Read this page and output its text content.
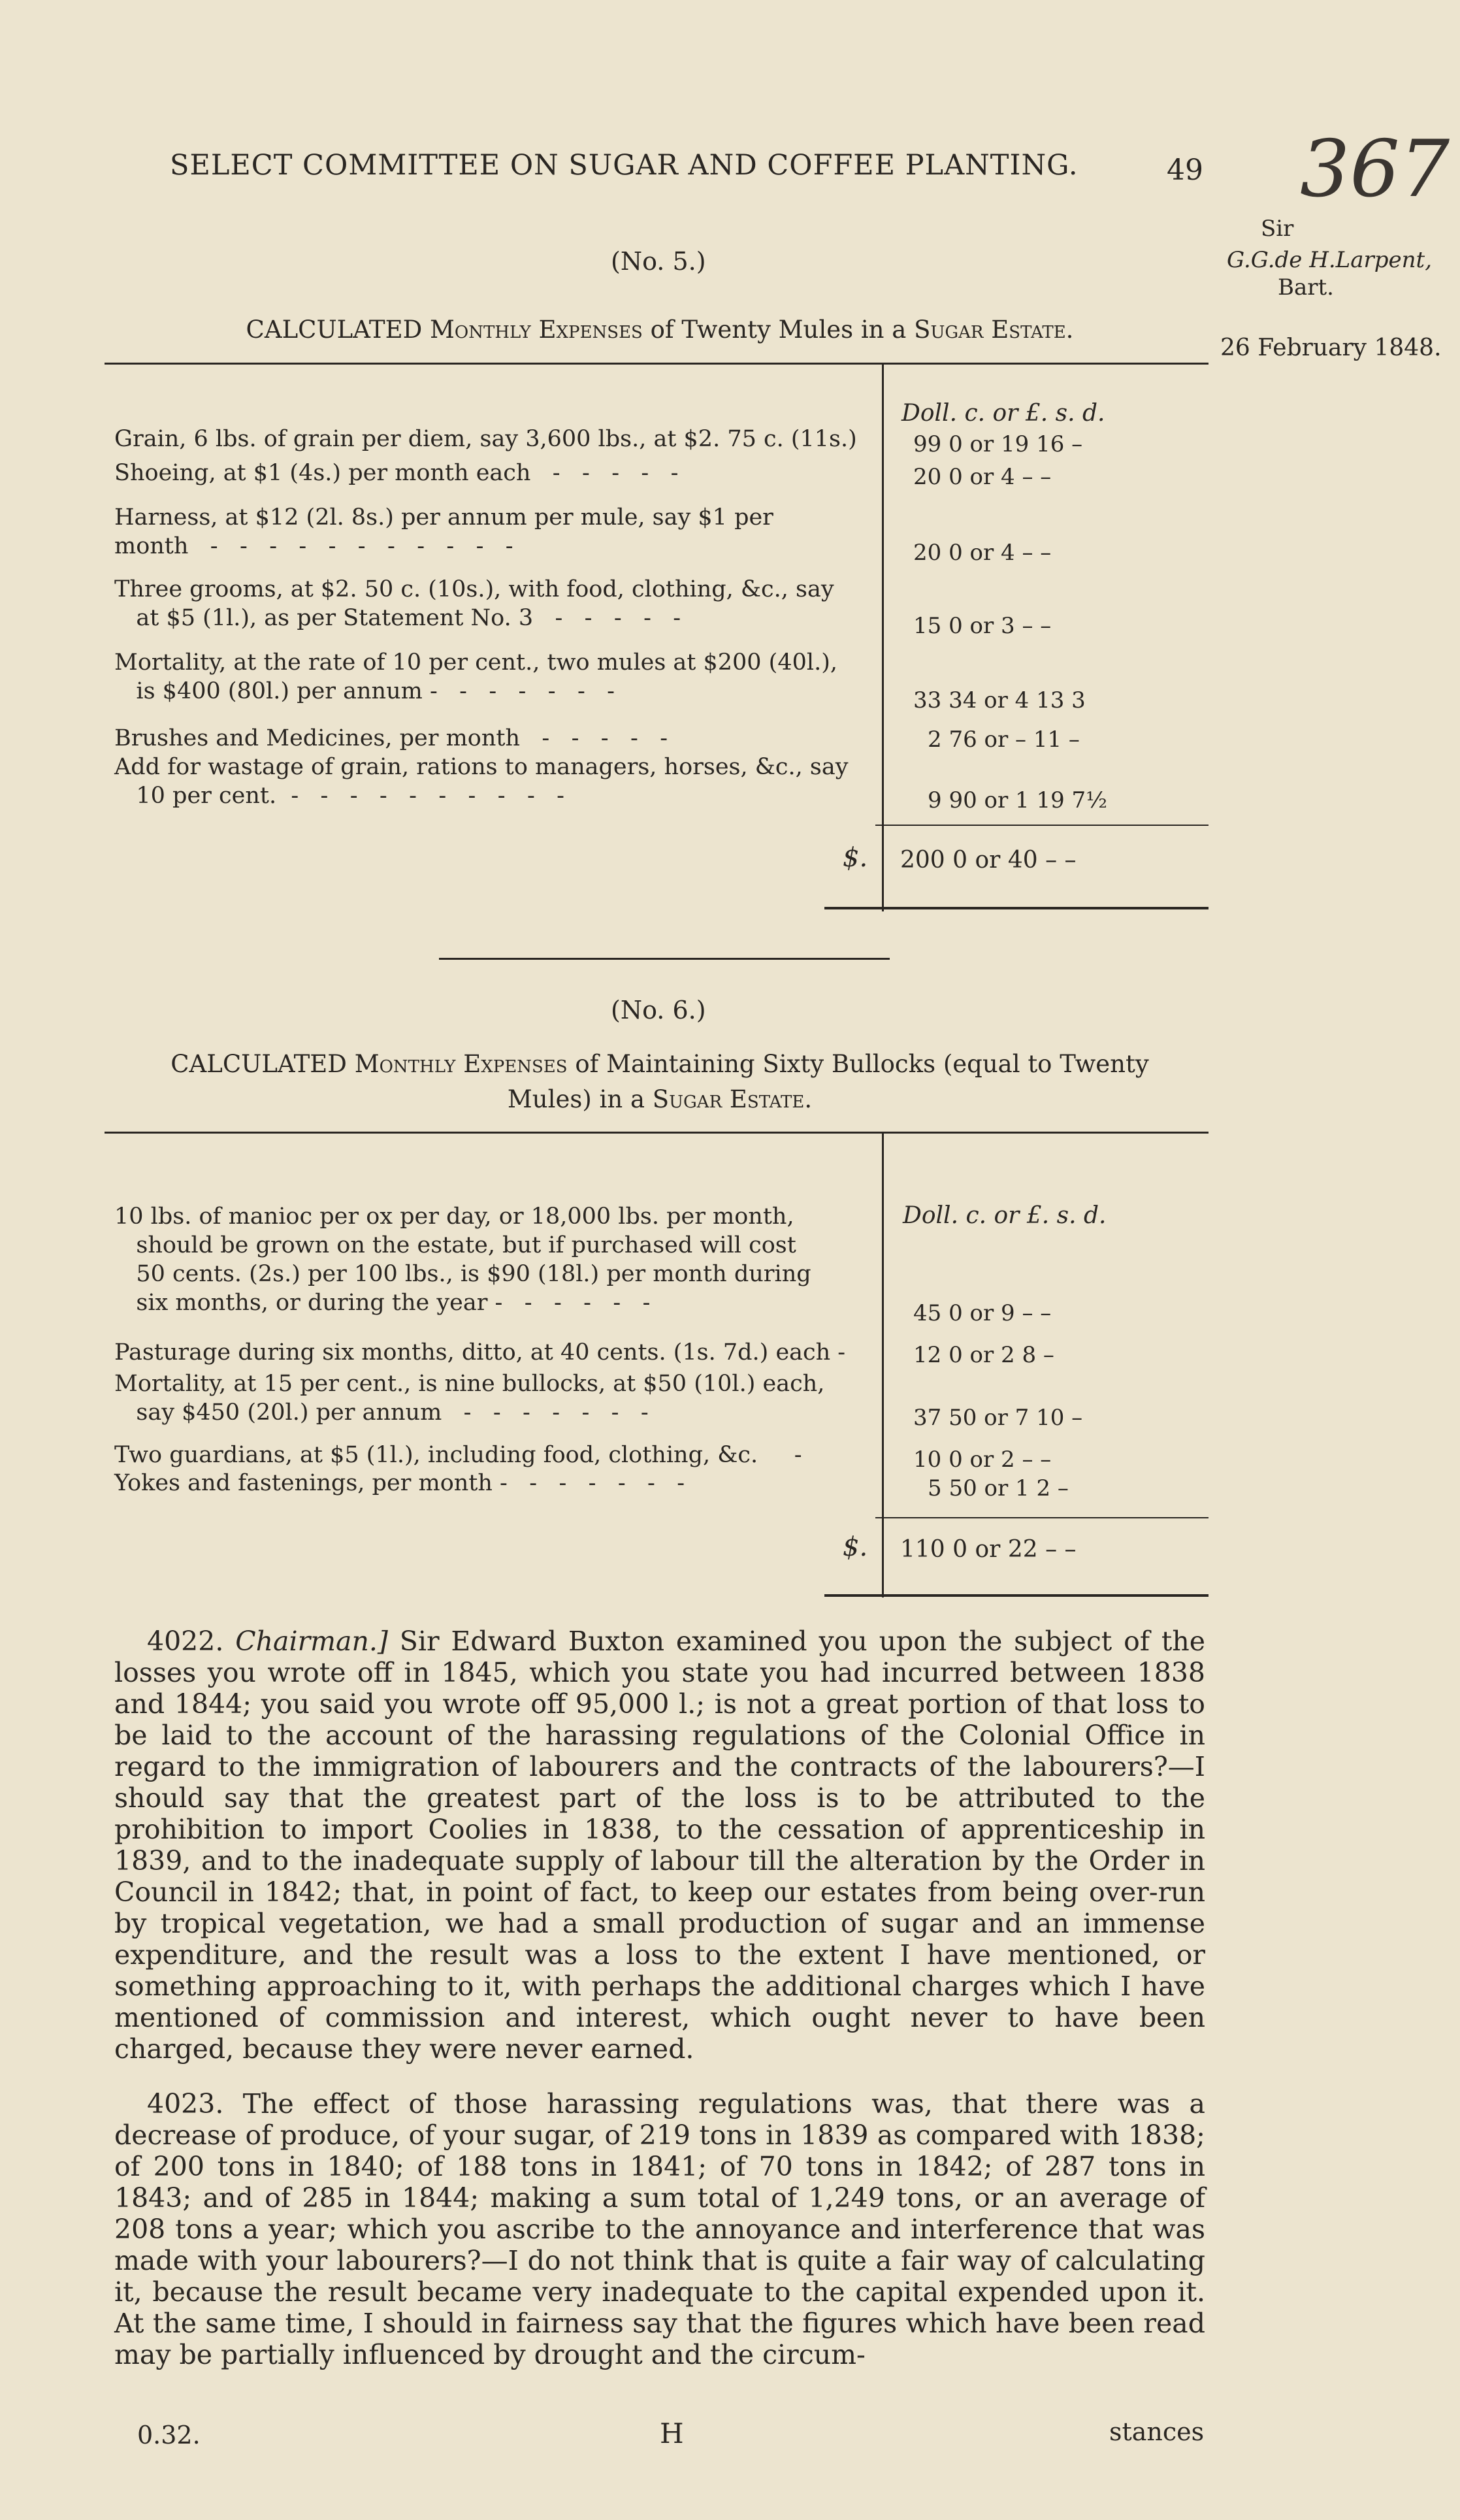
SELECT COMMITTEE ON SUGAR AND COFFEE PLANTING.	49 367
Sir
G.G.de H.Larpent,
Bart.
26 February 1848.
(No. 5.)
CALCULATED Monthly Expenses of Twenty Mules in a Sugar Estate.
Doll. c. or £. s. d.
Grain, 6 lbs. of grain per diem, say 3,600 lbs., at $2. 75 c. (11s.)	99 0 or 19 16 –
Shoeing, at $1 (4s.) per month each   -   -   -   -   -	20 0 or 4 – –
Harness, at $12 (2l. 8s.) per annum per mule, say $1 per
month   -   -   -   -   -   -   -   -   -   -   -	20 0 or 4 – –
Three grooms, at $2. 50 c. (10s.), with food, clothing, &c., say
at $5 (1l.), as per Statement No. 3   -   -   -   -   -	15 0 or 3 – –
Mortality, at the rate of 10 per cent., two mules at $200 (40l.),
is $400 (80l.) per annum -   -   -   -   -   -   -	33 34 or 4 13 3
Brushes and Medicines, per month   -   -   -   -   -	2 76 or – 11 –
Add for wastage of grain, rations to managers, horses, &c., say
10 per cent.  -   -   -   -   -   -   -   -   -   -	9 90 or 1 19 7½
$. 200 0 or 40 – –
(No. 6.)
CALCULATED Monthly Expenses of Maintaining Sixty Bullocks (equal to Twenty
Mules) in a Sugar Estate.
Doll. c. or £. s. d.
10 lbs. of manioc per ox per day, or 18,000 lbs. per month,
should be grown on the estate, but if purchased will cost
50 cents. (2s.) per 100 lbs., is $90 (18l.) per month during
six months, or during the year -   -   -   -   -   -	45 0 or 9 – –
Pasturage during six months, ditto, at 40 cents. (1s. 7d.) each -	12 0 or 2 8 –
Mortality, at 15 per cent., is nine bullocks, at $50 (10l.) each,
say $450 (20l.) per annum   -   -   -   -   -   -   -	37 50 or 7 10 –
Two guardians, at $5 (1l.), including food, clothing, &c.     -	10 0 or 2 – –
Yokes and fastenings, per month -   -   -   -   -   -   -	5 50 or 1 2 –
$. 110 0 or 22 – –
4022. Chairman.] Sir Edward Buxton examined you upon the subject of the losses you wrote off in 1845, which you state you had incurred between 1838 and 1844; you said you wrote off 95,000 l.; is not a great portion of that loss to be laid to the account of the harassing regulations of the Colonial Office in regard to the immigration of labourers and the contracts of the labourers?—I should say that the greatest part of the loss is to be attributed to the prohibition to import Coolies in 1838, to the cessation of apprenticeship in 1839, and to the inadequate supply of labour till the alteration by the Order in Council in 1842; that, in point of fact, to keep our estates from being over-run by tropical vegetation, we had a small production of sugar and an immense expenditure, and the result was a loss to the extent I have mentioned, or something approaching to it, with perhaps the additional charges which I have mentioned of commission and interest, which ought never to have been charged, because they were never earned.
4023. The effect of those harassing regulations was, that there was a decrease of produce, of your sugar, of 219 tons in 1839 as compared with 1838; of 200 tons in 1840; of 188 tons in 1841; of 70 tons in 1842; of 287 tons in 1843; and of 285 in 1844; making a sum total of 1,249 tons, or an average of 208 tons a year; which you ascribe to the annoyance and interference that was made with your labourers?—I do not think that is quite a fair way of calculating it, because the result became very inadequate to the capital expended upon it. At the same time, I should in fairness say that the figures which have been read may be partially influenced by drought and the circum-
0.32.	H	stances
